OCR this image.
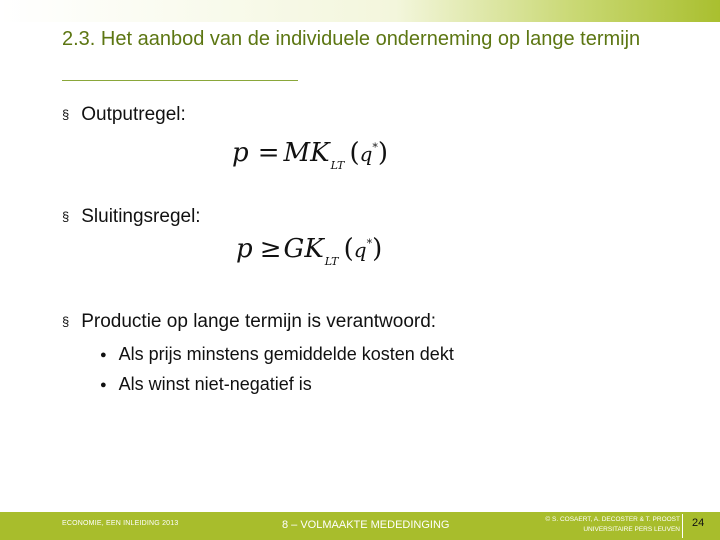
2.3. Het aanbod van de individuele onderneming op lange termijn
§ Outputregel:
$p = MK_{LT}$ (q*)
§ Sluitingsregel:
$p \ge GK_{LT}$ (q*)
§ Productie op lange termijn is verantwoord:
● Als prijs minstens gemiddelde kosten dekt
● Als winst niet-negatief is
ECONOMIE, EEN INLEIDING 2013	8 – VOLMAAKTE MEDEDINGING	© S. COSAERT, A. DECOSTER & T. PROOST
UNIVERSITAIRE PERS LEUVEN
24
